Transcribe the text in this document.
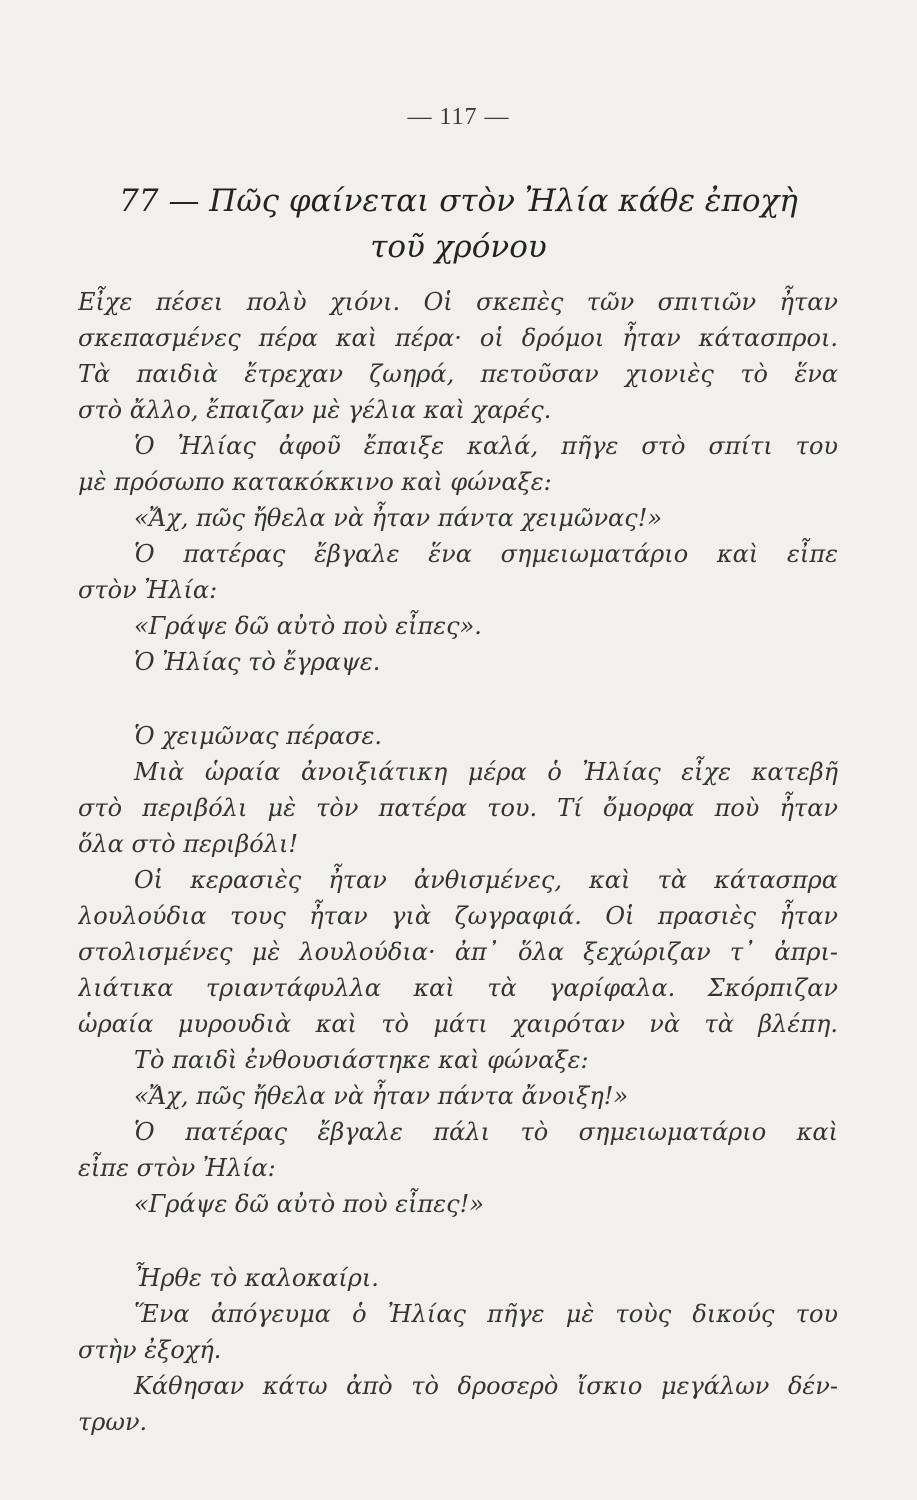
— 117 —
77 — Πῶς φαίνεται στὸν Ἠλία κάθε ἐποχὴ
τοῦ χρόνου
Εἶχε πέσει πολὺ χιόνι. Οἱ σκεπὲς τῶν σπιτιῶν ἦταν
σκεπασμένες πέρα καὶ πέρα· οἱ δρόμοι ἦταν κάτασπροι.
Τὰ παιδιὰ ἔτρεχαν ζωηρά, πετοῦσαν χιονιὲς τὸ ἕνα
στὸ ἄλλο, ἔπαιζαν μὲ γέλια καὶ χαρές.
Ὁ Ἠλίας ἀφοῦ ἔπαιξε καλά, πῆγε στὸ σπίτι του
μὲ πρόσωπο κατακόκκινο καὶ φώναξε:
«Ἄχ, πῶς ἤθελα νὰ ἦταν πάντα χειμῶνας!»
Ὁ πατέρας ἔβγαλε ἕνα σημειωματάριο καὶ εἶπε
στὸν Ἠλία:
«Γράψε δῶ αὐτὸ ποὺ εἶπες».
Ὁ Ἠλίας τὸ ἔγραψε.
Ὁ χειμῶνας πέρασε.
Μιὰ ὡραία ἀνοιξιάτικη μέρα ὁ Ἠλίας εἶχε κατεβῆ
στὸ περιβόλι μὲ τὸν πατέρα του. Τί ὄμορφα ποὺ ἦταν
ὅλα στὸ περιβόλι!
Οἱ κερασιὲς ἦταν ἀνθισμένες, καὶ τὰ κάτασπρα
λουλούδια τους ἦταν γιὰ ζωγραφιά. Οἱ πρασιὲς ἦταν
στολισμένες μὲ λουλούδια· ἀπ᾿ ὅλα ξεχώριζαν τ᾿ ἀπρι-
λιάτικα τριαντάφυλλα καὶ τὰ γαρίφαλα. Σκόρπιζαν
ὡραία μυρουδιὰ καὶ τὸ μάτι χαιρόταν νὰ τὰ βλέπη.
Τὸ παιδὶ ἐνθουσιάστηκε καὶ φώναξε:
«Ἄχ, πῶς ἤθελα νὰ ἦταν πάντα ἄνοιξη!»
Ὁ πατέρας ἔβγαλε πάλι τὸ σημειωματάριο καὶ
εἶπε στὸν Ἠλία:
«Γράψε δῶ αὐτὸ ποὺ εἶπες!»
Ἦρθε τὸ καλοκαίρι.
Ἕνα ἀπόγευμα ὁ Ἠλίας πῆγε μὲ τοὺς δικούς του
στὴν ἐξοχή.
Κάθησαν κάτω ἀπὸ τὸ δροσερὸ ἴσκιο μεγάλων δέν-
τρων.
